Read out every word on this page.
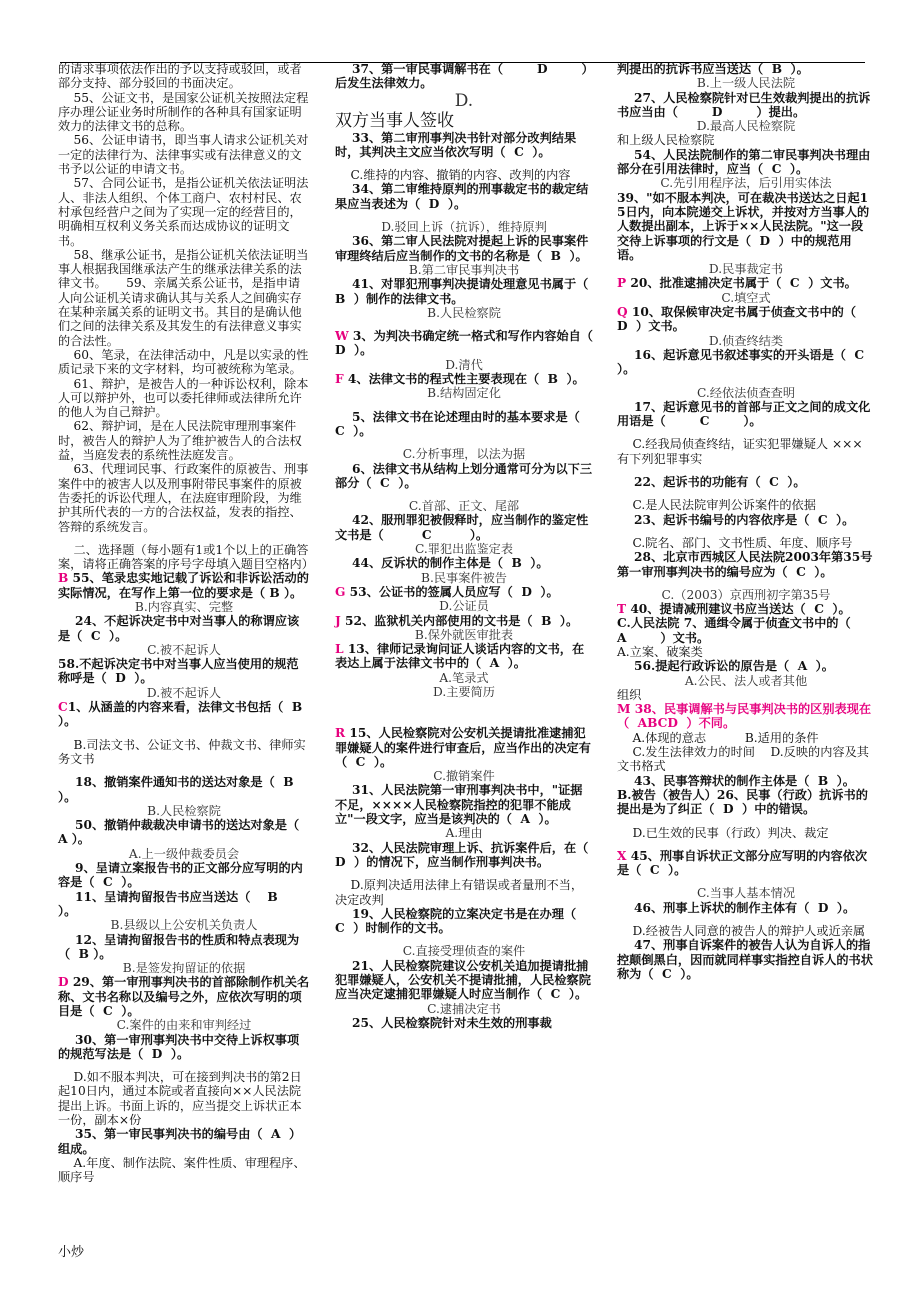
的请求事项依法作出的予以支持或驳回，或者部分支持、部分驳回的书面决定。

55、公证文书，是国家公证机关按照法定程序办理公证业务时所制作的各种具有国家证明效力的法律文书的总称。

56、公证申请书，即当事人请求公证机关对一定的法律行为、法律事实或有法律意义的文书予以公证的申请文书。

57、合同公证书，是指公证机关依法证明法人、非法人组织、个体工商户、农村村民、农村承包经营户之间为了实现一定的经营目的，明确相互权利义务关系而达成协议的证明文书。

58、继承公证书，是指公证机关依法证明当事人根据我国继承法产生的继承法律关系的法律文书。     59、亲属关系公证书，是指申请人向公证机关请求确认其与关系人之间确实存在某种亲属关系的证明文书。其目的是确认他们之间的法律关系及其发生的有法律意义事实的合法性。

60、笔录，在法律活动中，凡是以实录的性质记录下来的文字材料，均可被统称为笔录。

61、辩护，是被告人的一种诉讼权利，除本人可以辩护外，也可以委托律师或法律所允许的他人为自己辩护。

62、辩护词，是在人民法院审理刑事案件时，被告人的辩护人为了维护被告人的合法权益，当庭发表的系统性法庭发言。

63、代理词民事、行政案件的原被告、刑事案件中的被害人以及刑事附带民事案件的原被告委托的诉讼代理人，在法庭审理阶段，为维护其所代表的一方的合法权益，发表的指控、答辩的系统发言。

二、选择题（每小题有1或1个以上的正确答案，请将正确答案的序号字母填入题目空格内）

B 55、笔录忠实地记载了诉讼和非诉讼活动的实际情况，在写作上第一位的要求是（ B ）。

B.内容真实、完整

24、不起诉决定书中对当事人的称谓应该是（  C  ）。

C.被不起诉人

58.不起诉决定书中对当事人应当使用的规范称呼是（  D  ）。

D.被不起诉人

C1、从涵盖的内容来看，法律文书包括（  B  ）。

B.司法文书、公证文书、仲裁文书、律师实务文书

18、撤销案件通知书的送达对象是（  B ）。

B.人民检察院

50、撤销仲裁裁决申请书的送达对象是（ A ）。

A.上一级仲裁委员会

9、呈请立案报告书的正文部分应写明的内容是（  C  ）。

11、呈请拘留报告书应当送达（    B    ）。

B.县级以上公安机关负责人

12、呈请拘留报告书的性质和特点表现为（  B ）。

B.是签发拘留证的依据

D 29、第一审刑事判决书的首部除制作机关名称、文书名称以及编号之外，应依次写明的项目是（  C  ）。

C.案件的由来和审判经过

30、第一审刑事判决书中交待上诉权事项的规范写法是（  D  ）。

D.如不服本判决，可在接到判决书的第2日起10日内，通过本院或者直接向××人民法院提出上诉。书面上诉的，应当提交上诉状正本一份，副本×份

35、第一审民事判决书的编号由（  A  ）组成。

A.年度、制作法院、案件性质、审理程序、顺序号

37、第一审民事调解书在（        D        ）后发生法律效力。

D.

双方当事人签收

33、第二审刑事判决书针对部分改判结果时，其判决主文应当依次写明（  C  ）。

C.维持的内容、撤销的内容、改判的内容

34、第二审维持原判的刑事裁定书的裁定结果应当表述为（  D  ）。

D.驳回上诉（抗诉），维持原判

36、第二审人民法院对提起上诉的民事案件审理终结后应当制作的文书的名称是（  B  ）。

B.第二审民事判决书

41、对罪犯刑事判决提请处理意见书属于（  B  ）制作的法律文书。

B.人民检察院

W 3、为判决书确定统一格式和写作内容始自（  D  ）。

D.清代

F 4、法律文书的程式性主要表现在（  B  ）。

B.结构固定化

5、法律文书在论述理由时的基本要求是（  C  ）。

C.分析事理，以法为据

6、法律文书从结构上划分通常可分为以下三部分（  C  ）。

C.首部、正文、尾部

42、服刑罪犯被假释时，应当制作的鉴定性文书是（         C         ）。

C.罪犯出监鉴定表

44、反诉状的制作主体是（  B  ）。

B.民事案件被告

G 53、公证书的签属人员应写（  D  ）。

D.公证员

J 52、监狱机关内部使用的文书是（  B  ）。

B.保外就医审批表

L 13、律师记录询问证人谈话内容的文书，在表达上属于法律文书中的（  A  ）。

A.笔录式

D.主要简历

R 15、人民检察院对公安机关提请批准逮捕犯罪嫌疑人的案件进行审查后，应当作出的决定有（  C  ）。

C.撤销案件

31、人民法院第一审刑事判决书中，"证据不足，××××人民检察院指控的犯罪不能成立"一段文字，应当是该判决的（  A  ）。

A.理由

32、人民法院审理上诉、抗诉案件后，在（  D  ）的情况下，应当制作刑事判决书。

D.原判决适用法律上有错误或者量刑不当，决定改判

19、人民检察院的立案决定书是在办理（  C  ）时制作的文书。

C.直接受理侦查的案件

21、人民检察院建议公安机关追加提请批捕犯罪嫌疑人，公安机关不提请批捕，人民检察院应当决定逮捕犯罪嫌疑人时应当制作（  C  ）。

C.逮捕决定书

25、人民检察院针对未生效的刑事裁

判提出的抗诉书应当送达（  B  ）。

B.上一级人民法院

27、人民检察院针对已生效裁判提出的抗诉书应当由（        D        ）提出。

D.最高人民检察院

和上级人民检察院

54、人民法院制作的第二审民事判决书理由部分在引用法律时，应当（  C  ）。

C.先引用程序法，后引用实体法

39、"如不服本判决，可在裁决书送达之日起15日内，向本院递交上诉状，并按对方当事人的人数提出副本，上诉于××人民法院。"这一段交待上诉事项的行文是（  D  ）中的规范用语。

D.民事裁定书

P 20、批准逮捕决定书属于（  C  ）文书。

C.填空式

Q 10、取保候审决定书属于侦查文书中的（  D  ）文书。

D.侦查终结类

16、起诉意见书叙述事实的开头语是（  C  ）。

C.经依法侦查查明

17、起诉意见书的首部与正文之间的成文化用语是（        C        ）。

C.经我局侦查终结，证实犯罪嫌疑人 ××× 有下列犯罪事实

22、起诉书的功能有（  C  ）。

C.是人民法院审判公诉案件的依据

23、起诉书编号的内容依序是（  C  ）。

C.院名、部门、文书性质、年度、顺序号

28、北京市西城区人民法院2003年第35号第一审刑事判决书的编号应为（  C  ）。

C.（2003）京西刑初字第35号

T 40、提请减刑建议书应当送达（  C  ）。

C.人民法院 7、通缉令属于侦查文书中的（        A        ）文书。

A.立案、破案类

56.提起行政诉讼的原告是（  A  ）。

A.公民、法人或者其他

组织

M 38、民事调解书与民事判决书的区别表现在（  ABCD  ）不同。

A.体现的意志          B.适用的条件

C.发生法律效力的时间    D.反映的内容及其文书格式

43、民事答辩状的制作主体是（  B  ）。

B.被告（被告人）26、民事（行政）抗诉书的提出是为了纠正（  D  ）中的错误。

D.已生效的民事（行政）判决、裁定

X 45、刑事自诉状正文部分应写明的内容依次是（  C  ）。

C.当事人基本情况

46、刑事上诉状的制作主体有（  D  ）。

D.经被告人同意的被告人的辩护人或近亲属

47、刑事自诉案件的被告人认为自诉人的指控颠倒黑白，因而就同样事实指控自诉人的书状称为（  C  ）。

小炒
